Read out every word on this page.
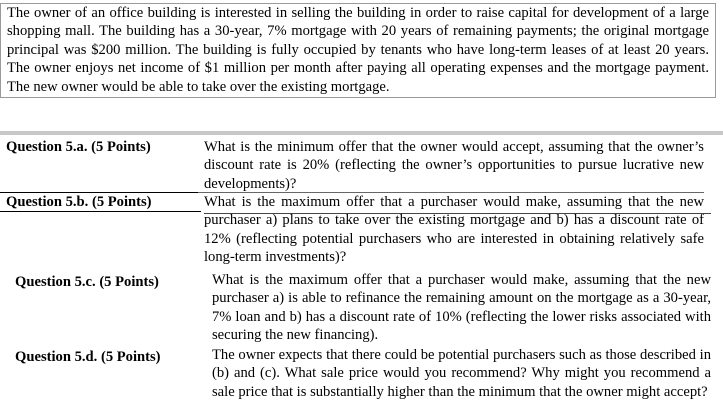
The owner of an office building is interested in selling the building in order to raise capital for development of a large shopping mall. The building has a 30-year, 7% mortgage with 20 years of remaining payments; the original mortgage principal was $200 million. The building is fully occupied by tenants who have long-term leases of at least 20 years. The owner enjoys net income of $1 million per month after paying all operating expenses and the mortgage payment. The new owner would be able to take over the existing mortgage.
Question 5.a. (5 Points)	What is the minimum offer that the owner would accept, assuming that the owner’s discount rate is 20% (reflecting the owner’s opportunities to pursue lucrative new developments)?
Question 5.b. (5 Points)	What is the maximum offer that a purchaser would make, assuming that the new purchaser a) plans to take over the existing mortgage and b) has a discount rate of 12% (reflecting potential purchasers who are interested in obtaining relatively safe long-term investments)?
Question 5.c. (5 Points)	What is the maximum offer that a purchaser would make, assuming that the new purchaser a) is able to refinance the remaining amount on the mortgage as a 30-year, 7% loan and b) has a discount rate of 10% (reflecting the lower risks associated with securing the new financing).
Question 5.d. (5 Points)	The owner expects that there could be potential purchasers such as those described in (b) and (c). What sale price would you recommend? Why might you recommend a sale price that is substantially higher than the minimum that the owner might accept?
